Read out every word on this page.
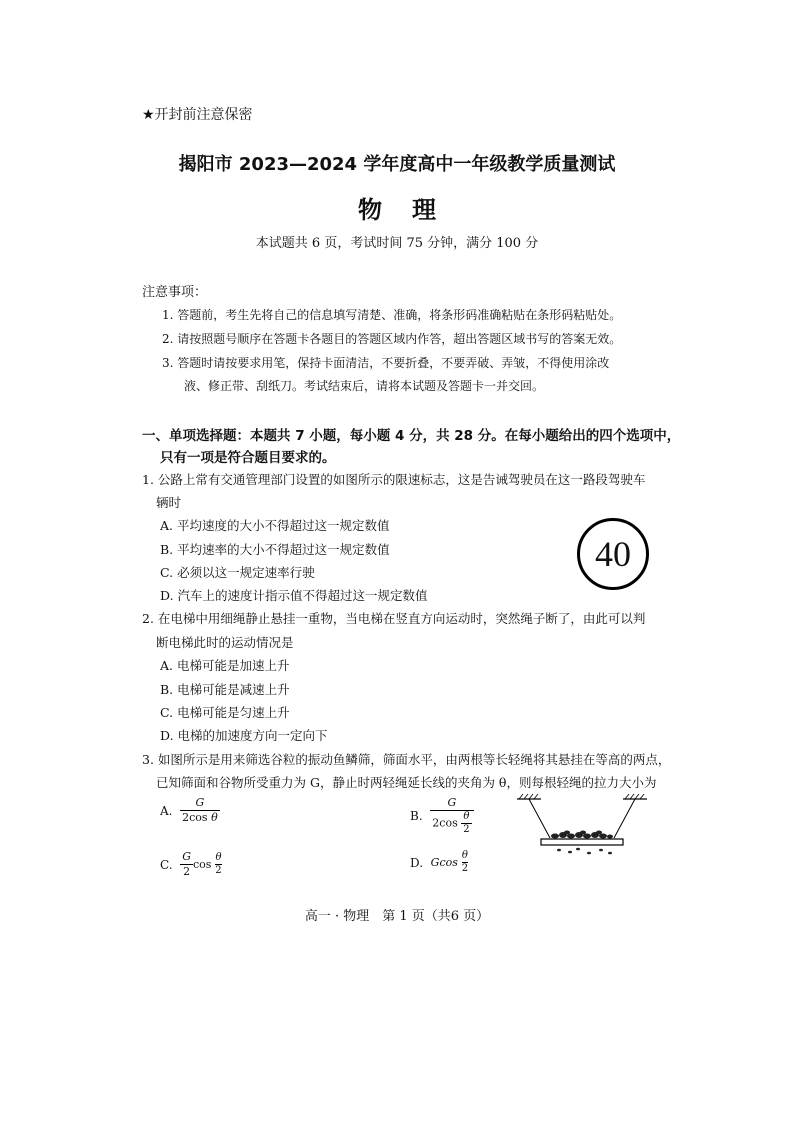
★开封前注意保密
揭阳市 2023—2024 学年度高中一年级教学质量测试
物理
本试题共 6 页，考试时间 75 分钟，满分 100 分
注意事项：
1. 答题前，考生先将自己的信息填写清楚、准确，将条形码准确粘贴在条形码粘贴处。
2. 请按照题号顺序在答题卡各题目的答题区域内作答，超出答题区域书写的答案无效。
3. 答题时请按要求用笔，保持卡面清洁，不要折叠，不要弄破、弄皱，不得使用涂改
液、修正带、刮纸刀。考试结束后，请将本试题及答题卡一并交回。
一、单项选择题：本题共 7 小题，每小题 4 分，共 28 分。在每小题给出的四个选项中，
只有一项是符合题目要求的。
1. 公路上常有交通管理部门设置的如图所示的限速标志，这是告诫驾驶员在这一路段驾驶车
辆时
A. 平均速度的大小不得超过这一规定数值
B. 平均速率的大小不得超过这一规定数值
C. 必须以这一规定速率行驶
D. 汽车上的速度计指示值不得超过这一规定数值
40
2. 在电梯中用细绳静止悬挂一重物，当电梯在竖直方向运动时，突然绳子断了，由此可以判
断电梯此时的运动情况是
A. 电梯可能是加速上升
B. 电梯可能是减速上升
C. 电梯可能是匀速上升
D. 电梯的加速度方向一定向下
3. 如图所示是用来筛选谷粒的振动鱼鳞筛，筛面水平，由两根等长轻绳将其悬挂在等高的两点，
已知筛面和谷物所受重力为 G，静止时两轻绳延长线的夹角为 θ，则每根轻绳的拉力大小为
A.
$\frac{G}{\text{2cos θ}}$	B.
$\frac{G}{2\cos \frac{\theta}{2}}$
C.
$\frac{G}{2}$ cos
$\frac{\theta}{2}$	D.
Gcos
$\frac{\theta}{2}$
高一 · 物理　第 1 页（共6 页）
